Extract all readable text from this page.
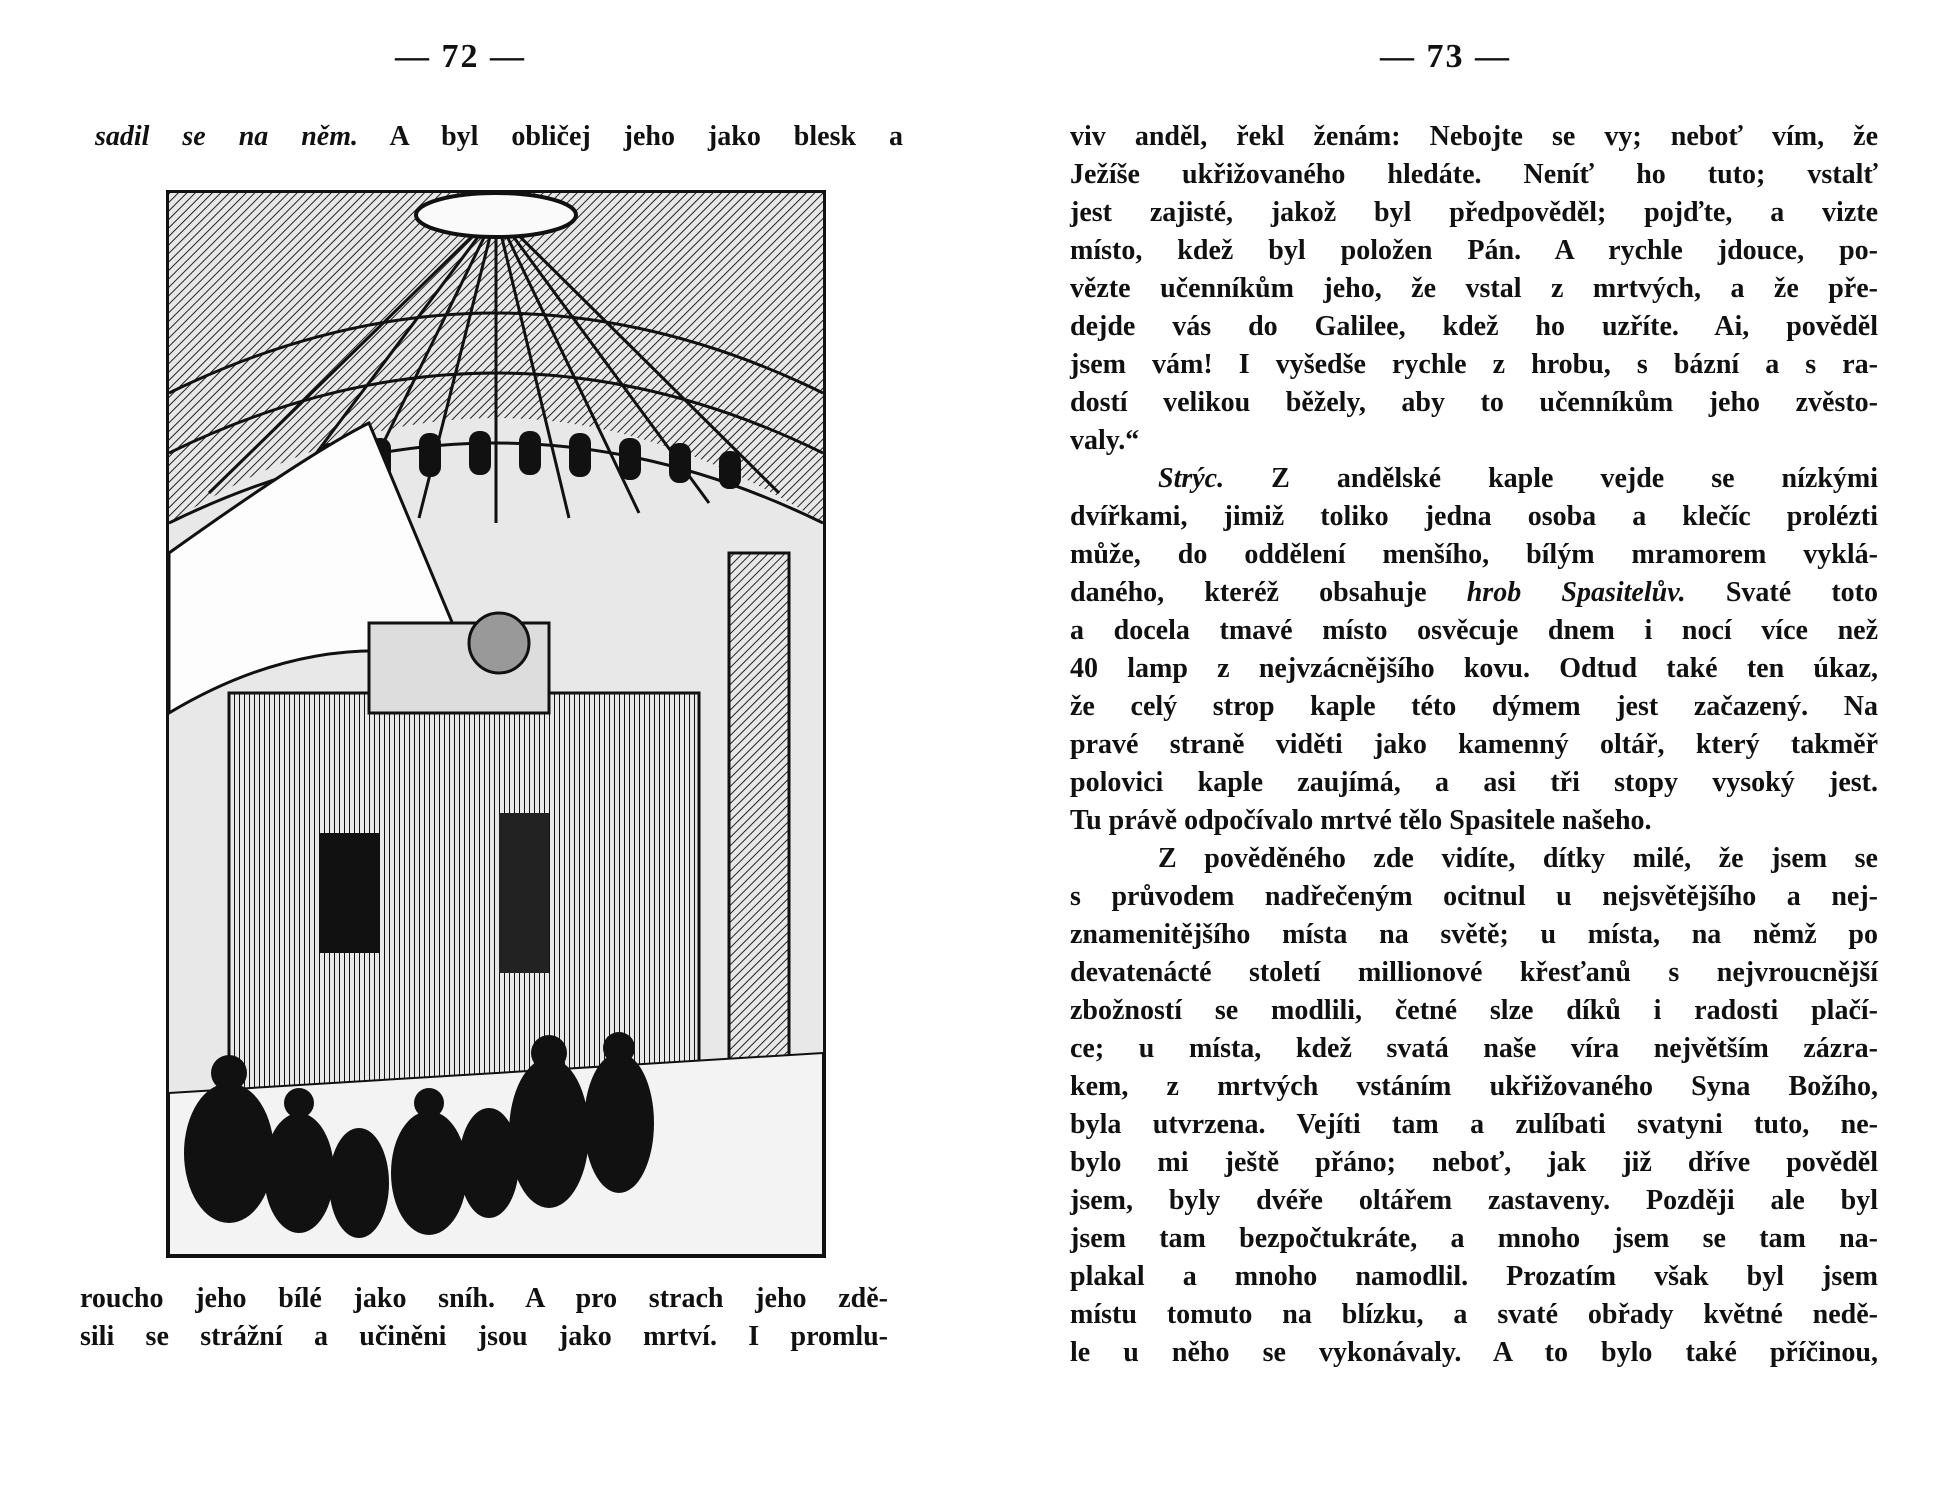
— 72 —
sadil se na něm. A byl obličej jeho jako blesk a
roucho jeho bílé jako sníh. A pro strach jeho zdě-
sili se strážní a učiněni jsou jako mrtví. I promlu-
— 73 —
viv anděl, řekl ženám: Nebojte se vy; neboť vím, že
Ježíše ukřižovaného hledáte. Neníť ho tuto; vstalť
jest zajisté, jakož byl předpověděl; pojďte, a vizte
místo, kdež byl položen Pán. A rychle jdouce, po-
vězte učenníkům jeho, že vstal z mrtvých, a že pře-
dejde vás do Galilee, kdež ho uzříte. Ai, pověděl
jsem vám! I vyšedše rychle z hrobu, s bázní a s ra-
dostí velikou běžely, aby to učenníkům jeho zvěsto-
valy.“
Strýc. Z andělské kaple vejde se nízkými
dvířkami, jimiž toliko jedna osoba a klečíc prolézti
může, do oddělení menšího, bílým mramorem vyklá-
daného, kteréž obsahuje hrob Spasitelův. Svaté toto
a docela tmavé místo osvěcuje dnem i nocí více než
40 lamp z nejvzácnějšího kovu. Odtud také ten úkaz,
že celý strop kaple této dýmem jest začazený. Na
pravé straně viděti jako kamenný oltář, který takměř
polovici kaple zaujímá, a asi tři stopy vysoký jest.
Tu právě odpočívalo mrtvé tělo Spasitele našeho.
Z pověděného zde vidíte, dítky milé, že jsem se
s průvodem nadřečeným ocitnul u nejsvětějšího a nej-
znamenitějšího místa na světě; u místa, na němž po
devatenácté století millionové křesťanů s nejvroucnější
zbožností se modlili, četné slze díků i radosti plačí-
ce; u místa, kdež svatá naše víra největším zázra-
kem, z mrtvých vstáním ukřižovaného Syna Božího,
byla utvrzena. Vejíti tam a zulíbati svatyni tuto, ne-
bylo mi ještě přáno; neboť, jak již dříve pověděl
jsem, byly dvéře oltářem zastaveny. Později ale byl
jsem tam bezpočtukráte, a mnoho jsem se tam na-
plakal a mnoho namodlil. Prozatím však byl jsem
místu tomuto na blízku, a svaté obřady květné nedě-
le u něho se vykonávaly. A to bylo také příčinou,
